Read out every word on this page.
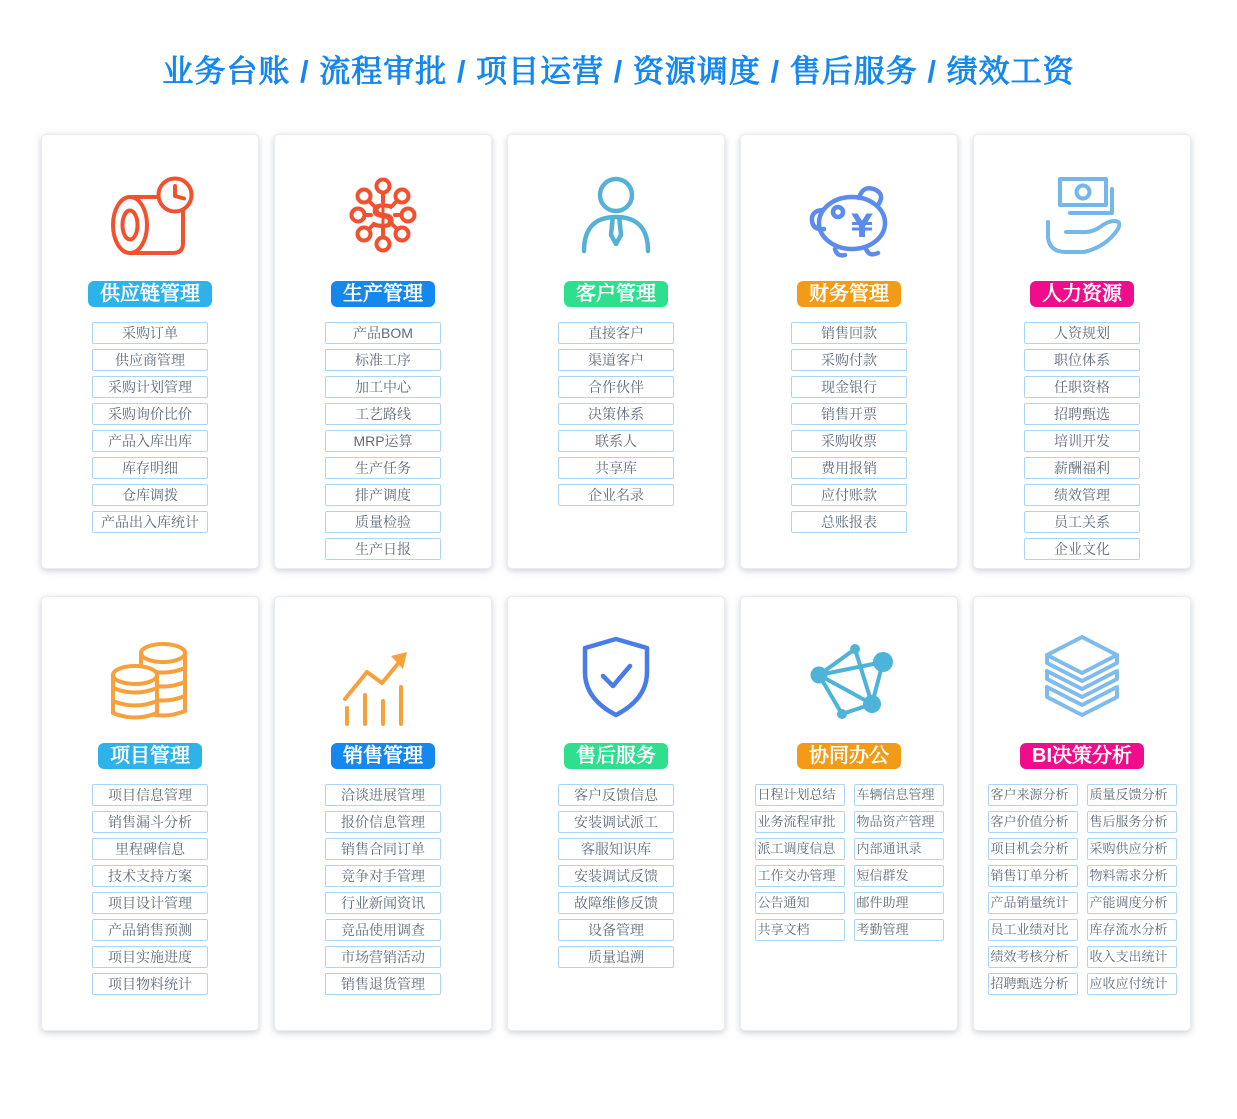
业务台账 / 流程审批 / 项目运营 / 资源调度 / 售后服务 / 绩效工资
供应链管理
采购订单
供应商管理
采购计划管理
采购询价比价
产品入库出库
库存明细
仓库调拨
产品出入库统计
$
生产管理
产品BOM
标准工序
加工中心
工艺路线
MRP运算
生产任务
排产调度
质量检验
生产日报
客户管理
直接客户
渠道客户
合作伙伴
决策体系
联系人
共享库
企业名录
¥
财务管理
销售回款
采购付款
现金银行
销售开票
采购收票
费用报销
应付账款
总账报表
人力资源
人资规划
职位体系
任职资格
招聘甄选
培训开发
薪酬福利
绩效管理
员工关系
企业文化
项目管理
项目信息管理
销售漏斗分析
里程碑信息
技术支持方案
项目设计管理
产品销售预测
项目实施进度
项目物料统计
销售管理
洽谈进展管理
报价信息管理
销售合同订单
竞争对手管理
行业新闻资讯
竞品使用调查
市场营销活动
销售退货管理
售后服务
客户反馈信息
安装调试派工
客服知识库
安装调试反馈
故障维修反馈
设备管理
质量追溯
协同办公
日程计划总结	车辆信息管理
业务流程审批	物品资产管理
派工调度信息	内部通讯录
工作交办管理	短信群发
公告通知	邮件助理
共享文档	考勤管理
BI决策分析
客户来源分析	质量反馈分析
客户价值分析	售后服务分析
项目机会分析	采购供应分析
销售订单分析	物料需求分析
产品销量统计	产能调度分析
员工业绩对比	库存流水分析
绩效考核分析	收入支出统计
招聘甄选分析	应收应付统计
